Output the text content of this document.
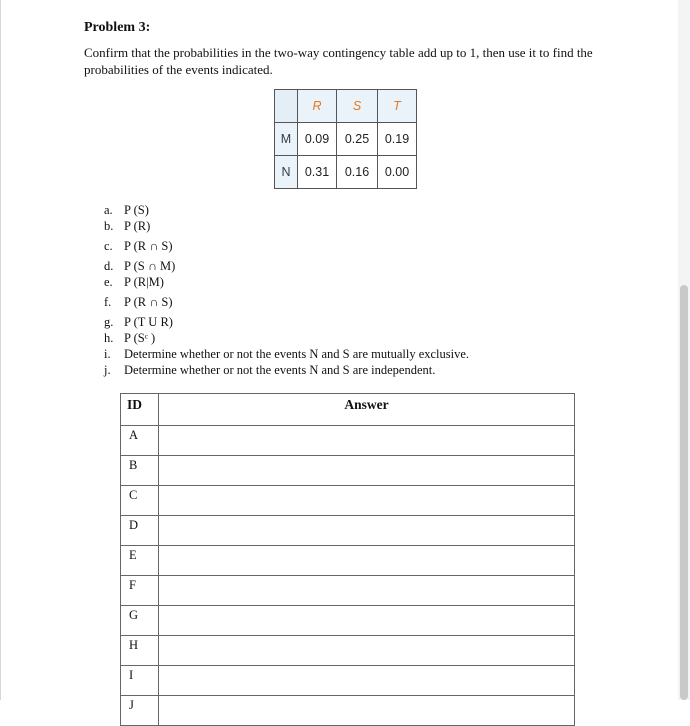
Problem 3:
Confirm that the probabilities in the two-way contingency table add up to 1, then use it to find the probabilities of the events indicated.
	R	S	T
M	0.09	0.25	0.19
N	0.31	0.16	0.00
a. P (S)
b. P (R)
c. P (R ∩ S)
d. P (S ∩ M)
e. P (R|M)
f. P (R ∩ S)
g. P (T U R)
h. P (Sᶜ )
i. Determine whether or not the events N and S are mutually exclusive.
j. Determine whether or not the events N and S are independent.
ID	Answer
A	
B	
C	
D	
E	
F	
G	
H	
I	
J	
